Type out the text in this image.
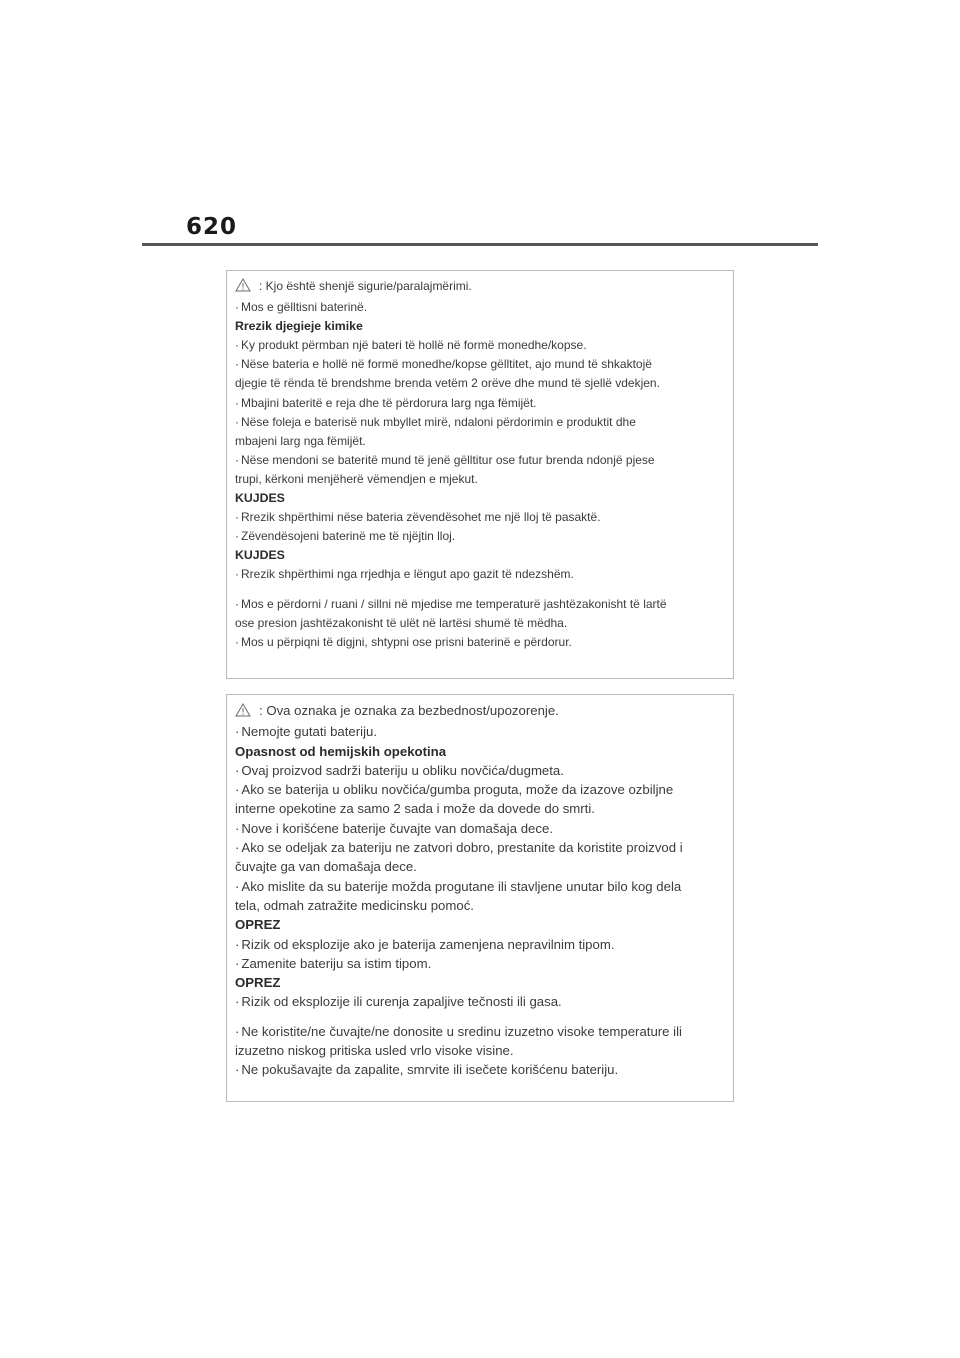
620
: Kjo është shenjë sigurie/paralajmërimi.
· Mos e gëlltisni baterinë.
Rrezik djegieje kimike
· Ky produkt përmban një bateri të hollë në formë monedhe/kopse.
· Nëse bateria e hollë në formë monedhe/kopse gëlltitet, ajo mund të shkaktojë
djegie të rënda të brendshme brenda vetëm 2 orëve dhe mund të sjellë vdekjen.
· Mbajini bateritë e reja dhe të përdorura larg nga fëmijët.
· Nëse foleja e baterisë nuk mbyllet mirë, ndaloni përdorimin e produktit dhe
mbajeni larg nga fëmijët.
· Nëse mendoni se bateritë mund të jenë gëlltitur ose futur brenda ndonjë pjese
trupi, kërkoni menjëherë vëmendjen e mjekut.
KUJDES
· Rrezik shpërthimi nëse bateria zëvendësohet me një lloj të pasaktë.
· Zëvendësojeni baterinë me të njëjtin lloj.
KUJDES
· Rrezik shpërthimi nga rrjedhja e lëngut apo gazit të ndezshëm.
· Mos e përdorni / ruani / sillni në mjedise me temperaturë jashtëzakonisht të lartë
ose presion jashtëzakonisht të ulët në lartësi shumë të mëdha.
· Mos u përpiqni të digjni, shtypni ose prisni baterinë e përdorur.
: Ova oznaka je oznaka za bezbednost/upozorenje.
· Nemojte gutati bateriju.
Opasnost od hemijskih opekotina
· Ovaj proizvod sadrži bateriju u obliku novčića/dugmeta.
· Ako se baterija u obliku novčića/gumba proguta, može da izazove ozbiljne
interne opekotine za samo 2 sada i može da dovede do smrti.
· Nove i korišćene baterije čuvajte van domašaja dece.
· Ako se odeljak za bateriju ne zatvori dobro, prestanite da koristite proizvod i
čuvajte ga van domašaja dece.
· Ako mislite da su baterije možda progutane ili stavljene unutar bilo kog dela
tela, odmah zatražite medicinsku pomoć.
OPREZ
· Rizik od eksplozije ako je baterija zamenjena nepravilnim tipom.
· Zamenite bateriju sa istim tipom.
OPREZ
· Rizik od eksplozije ili curenja zapaljive tečnosti ili gasa.
· Ne koristite/ne čuvajte/ne donosite u sredinu izuzetno visoke temperature ili
izuzetno niskog pritiska usled vrlo visoke visine.
· Ne pokušavajte da zapalite, smrvite ili isečete korišćenu bateriju.
